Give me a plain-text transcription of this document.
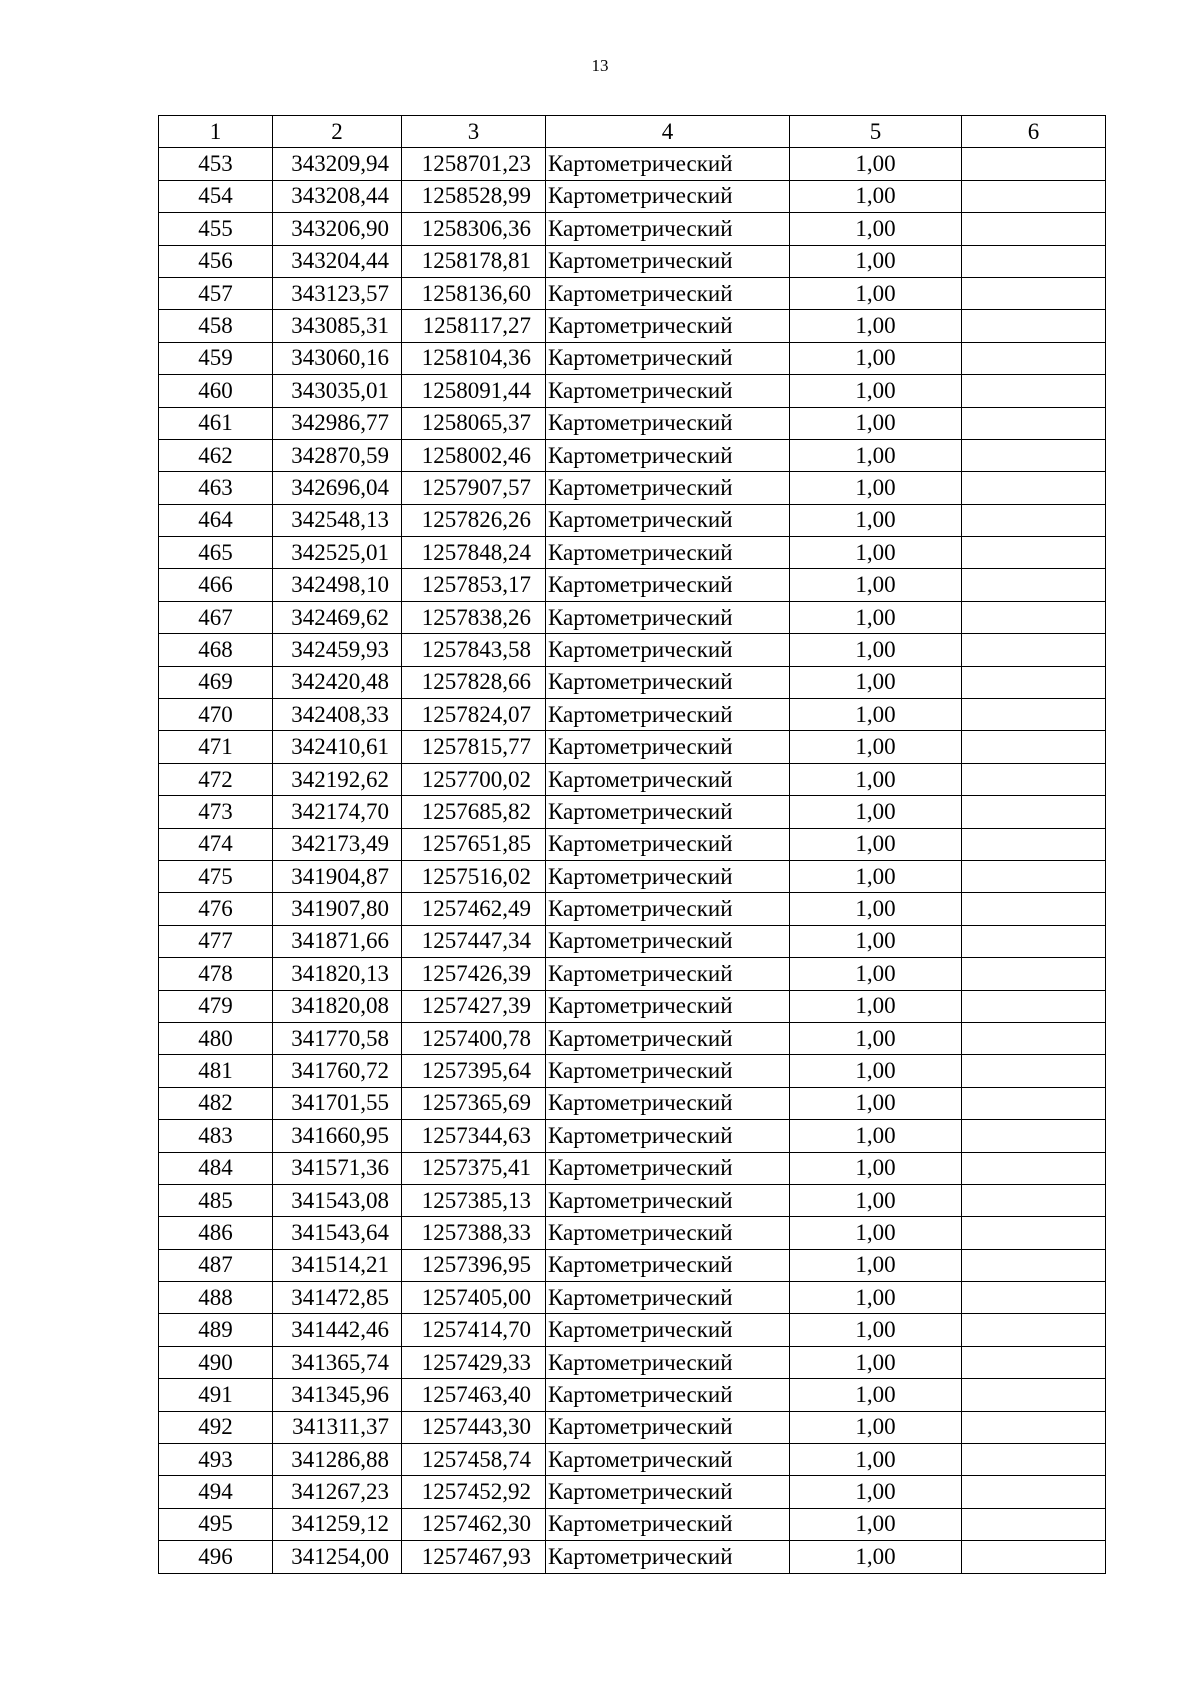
13
1	2	3	4	5	6
453	343209,94	1258701,23	Картометрический	1,00	
454	343208,44	1258528,99	Картометрический	1,00	
455	343206,90	1258306,36	Картометрический	1,00	
456	343204,44	1258178,81	Картометрический	1,00	
457	343123,57	1258136,60	Картометрический	1,00	
458	343085,31	1258117,27	Картометрический	1,00	
459	343060,16	1258104,36	Картометрический	1,00	
460	343035,01	1258091,44	Картометрический	1,00	
461	342986,77	1258065,37	Картометрический	1,00	
462	342870,59	1258002,46	Картометрический	1,00	
463	342696,04	1257907,57	Картометрический	1,00	
464	342548,13	1257826,26	Картометрический	1,00	
465	342525,01	1257848,24	Картометрический	1,00	
466	342498,10	1257853,17	Картометрический	1,00	
467	342469,62	1257838,26	Картометрический	1,00	
468	342459,93	1257843,58	Картометрический	1,00	
469	342420,48	1257828,66	Картометрический	1,00	
470	342408,33	1257824,07	Картометрический	1,00	
471	342410,61	1257815,77	Картометрический	1,00	
472	342192,62	1257700,02	Картометрический	1,00	
473	342174,70	1257685,82	Картометрический	1,00	
474	342173,49	1257651,85	Картометрический	1,00	
475	341904,87	1257516,02	Картометрический	1,00	
476	341907,80	1257462,49	Картометрический	1,00	
477	341871,66	1257447,34	Картометрический	1,00	
478	341820,13	1257426,39	Картометрический	1,00	
479	341820,08	1257427,39	Картометрический	1,00	
480	341770,58	1257400,78	Картометрический	1,00	
481	341760,72	1257395,64	Картометрический	1,00	
482	341701,55	1257365,69	Картометрический	1,00	
483	341660,95	1257344,63	Картометрический	1,00	
484	341571,36	1257375,41	Картометрический	1,00	
485	341543,08	1257385,13	Картометрический	1,00	
486	341543,64	1257388,33	Картометрический	1,00	
487	341514,21	1257396,95	Картометрический	1,00	
488	341472,85	1257405,00	Картометрический	1,00	
489	341442,46	1257414,70	Картометрический	1,00	
490	341365,74	1257429,33	Картометрический	1,00	
491	341345,96	1257463,40	Картометрический	1,00	
492	341311,37	1257443,30	Картометрический	1,00	
493	341286,88	1257458,74	Картометрический	1,00	
494	341267,23	1257452,92	Картометрический	1,00	
495	341259,12	1257462,30	Картометрический	1,00	
496	341254,00	1257467,93	Картометрический	1,00	
